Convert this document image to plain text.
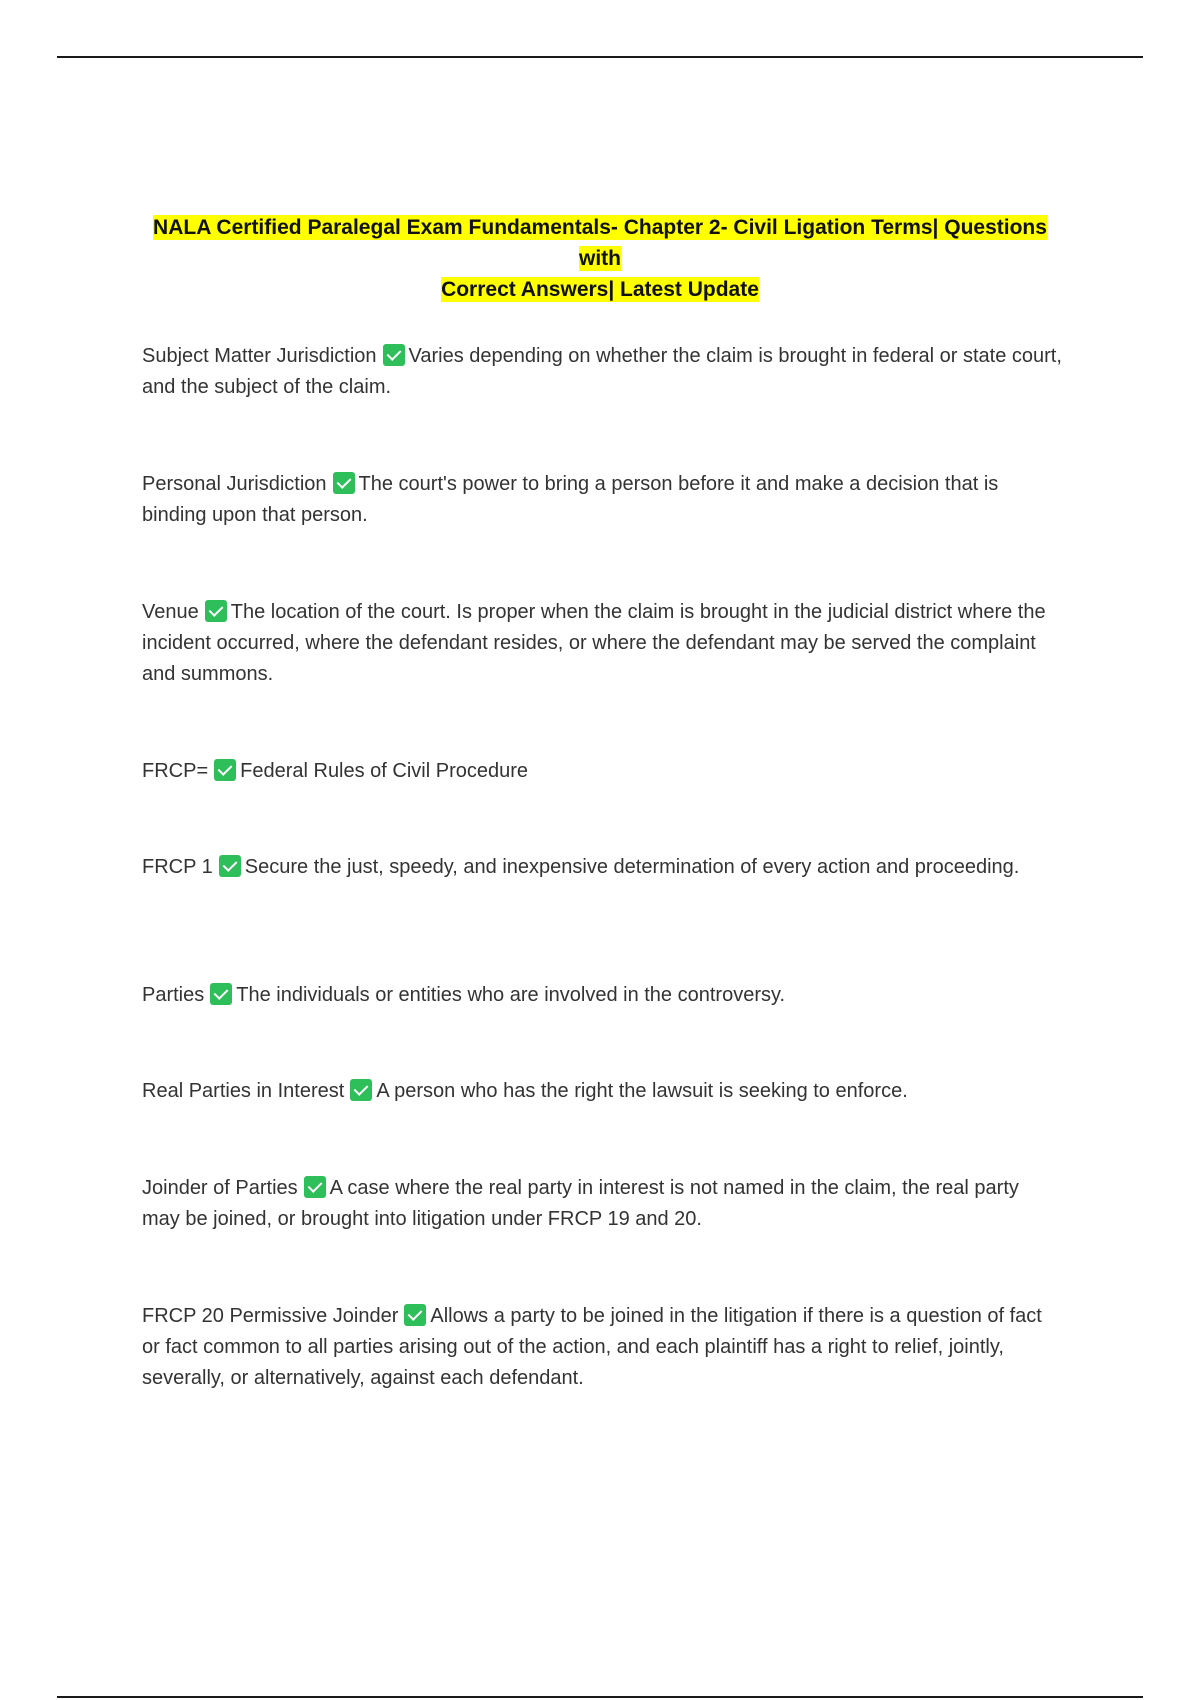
NALA Certified Paralegal Exam Fundamentals- Chapter 2- Civil Ligation Terms| Questions with
Correct Answers| Latest Update
Subject Matter Jurisdiction Varies depending on whether the claim is brought in federal or state court, and the subject of the claim.
Personal Jurisdiction The court's power to bring a person before it and make a decision that is binding upon that person.
Venue The location of the court. Is proper when the claim is brought in the judicial district where the incident occurred, where the defendant resides, or where the defendant may be served the complaint and summons.
FRCP= Federal Rules of Civil Procedure
FRCP 1 Secure the just, speedy, and inexpensive determination of every action and proceeding.
Parties The individuals or entities who are involved in the controversy.
Real Parties in Interest A person who has the right the lawsuit is seeking to enforce.
Joinder of Parties A case where the real party in interest is not named in the claim, the real party may be joined, or brought into litigation under FRCP 19 and 20.
FRCP 20 Permissive Joinder Allows a party to be joined in the litigation if there is a question of fact or fact common to all parties arising out of the action, and each plaintiff has a right to relief, jointly, severally, or alternatively, against each defendant.
